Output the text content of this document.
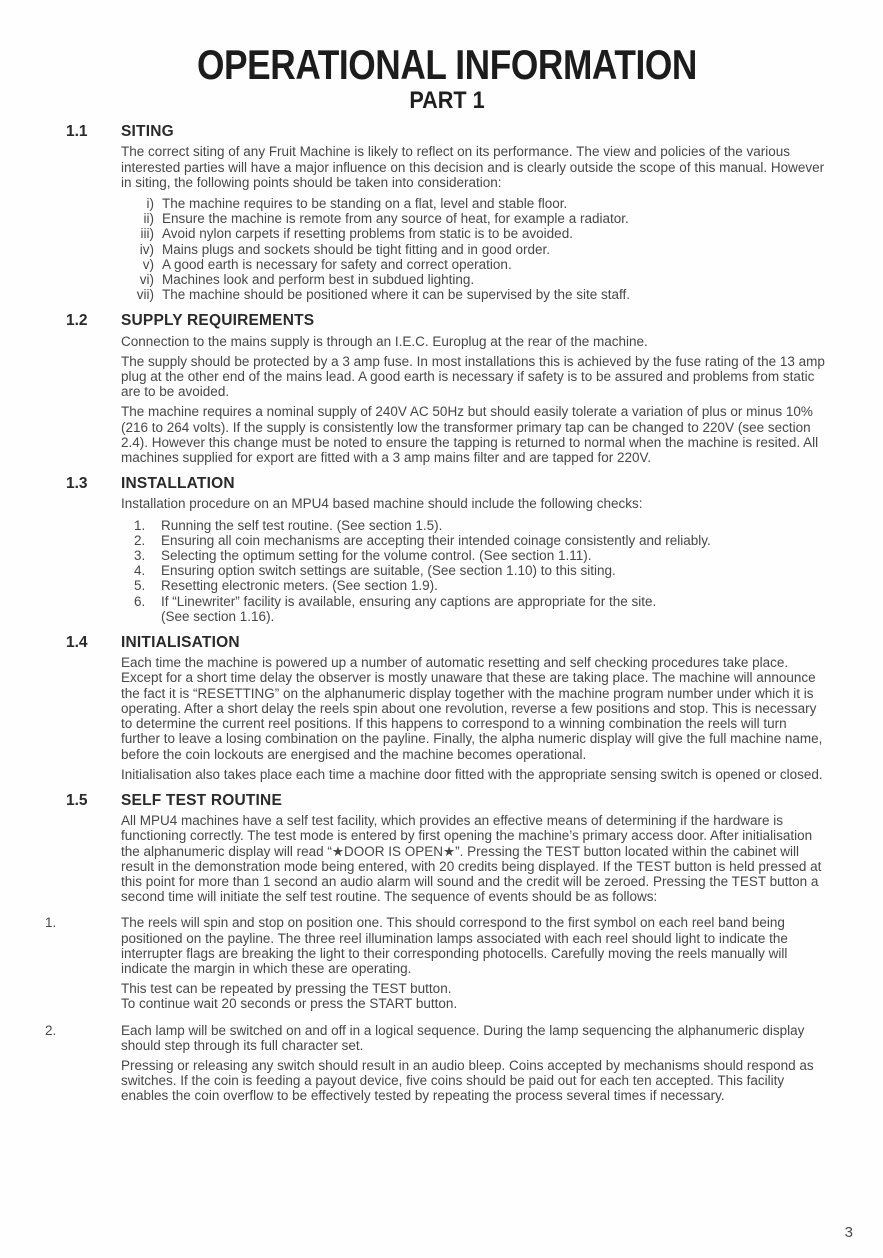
OPERATIONAL INFORMATION
PART 1
1.1	SITING

The correct siting of any Fruit Machine is likely to reflect on its performance. The view and policies of the various interested parties will have a major influence on this decision and is clearly outside the scope of this manual. However in siting, the following points should be taken into consideration:

i) The machine requires to be standing on a flat, level and stable floor.
ii) Ensure the machine is remote from any source of heat, for example a radiator.
iii) Avoid nylon carpets if resetting problems from static is to be avoided.
iv) Mains plugs and sockets should be tight fitting and in good order.
v) A good earth is necessary for safety and correct operation.
vi) Machines look and perform best in subdued lighting.
vii) The machine should be positioned where it can be supervised by the site staff.
1.2	SUPPLY REQUIREMENTS

Connection to the mains supply is through an I.E.C. Europlug at the rear of the machine.

The supply should be protected by a 3 amp fuse. In most installations this is achieved by the fuse rating of the 13 amp plug at the other end of the mains lead. A good earth is necessary if safety is to be assured and problems from static are to be avoided.

The machine requires a nominal supply of 240V AC 50Hz but should easily tolerate a variation of plus or minus 10% (216 to 264 volts). If the supply is consistently low the transformer primary tap can be changed to 220V (see section 2.4). However this change must be noted to ensure the tapping is returned to normal when the machine is resited. All machines supplied for export are fitted with a 3 amp mains filter and are tapped for 220V.

1.3	INSTALLATION

Installation procedure on an MPU4 based machine should include the following checks:

1.	Running the self test routine. (See section 1.5).
2.	Ensuring all coin mechanisms are accepting their intended coinage consistently and reliably.
3.	Selecting the optimum setting for the volume control. (See section 1.11).
4.	Ensuring option switch settings are suitable, (See section 1.10) to this siting.
5.	Resetting electronic meters. (See section 1.9).
6.	If “Linewriter” facility is available, ensuring any captions are appropriate for the site.
(See section 1.16).
1.4	INITIALISATION

Each time the machine is powered up a number of automatic resetting and self checking procedures take place. Except for a short time delay the observer is mostly unaware that these are taking place. The machine will announce the fact it is “RESETTING” on the alphanumeric display together with the machine program number under which it is operating. After a short delay the reels spin about one revolution, reverse a few positions and stop. This is necessary to determine the current reel positions. If this happens to correspond to a winning combination the reels will turn further to leave a losing combination on the payline. Finally, the alpha numeric display will give the full machine name, before the coin lockouts are energised and the machine becomes operational.

Initialisation also takes place each time a machine door fitted with the appropriate sensing switch is opened or closed.

1.5	SELF TEST ROUTINE

All MPU4 machines have a self test facility, which provides an effective means of determining if the hardware is functioning correctly. The test mode is entered by first opening the machine’s primary access door. After initialisation the alphanumeric display will read “★DOOR IS OPEN★”. Pressing the TEST button located within the cabinet will result in the demonstration mode being entered, with 20 credits being displayed. If the TEST button is held pressed at this point for more than 1 second an audio alarm will sound and the credit will be zeroed. Pressing the TEST button a second time will initiate the self test routine. The sequence of events should be as follows:

1.	The reels will spin and stop on position one. This should correspond to the first symbol on each reel band being positioned on the payline. The three reel illumination lamps associated with each reel should light to indicate the interrupter flags are breaking the light to their corresponding photocells. Carefully moving the reels manually will indicate the margin in which these are operating.

This test can be repeated by pressing the TEST button.
To continue wait 20 seconds or press the START button.

2.	Each lamp will be switched on and off in a logical sequence. During the lamp sequencing the alphanumeric display should step through its full character set.

Pressing or releasing any switch should result in an audio bleep. Coins accepted by mechanisms should respond as switches. If the coin is feeding a payout device, five coins should be paid out for each ten accepted. This facility enables the coin overflow to be effectively tested by repeating the process several times if necessary.

3
